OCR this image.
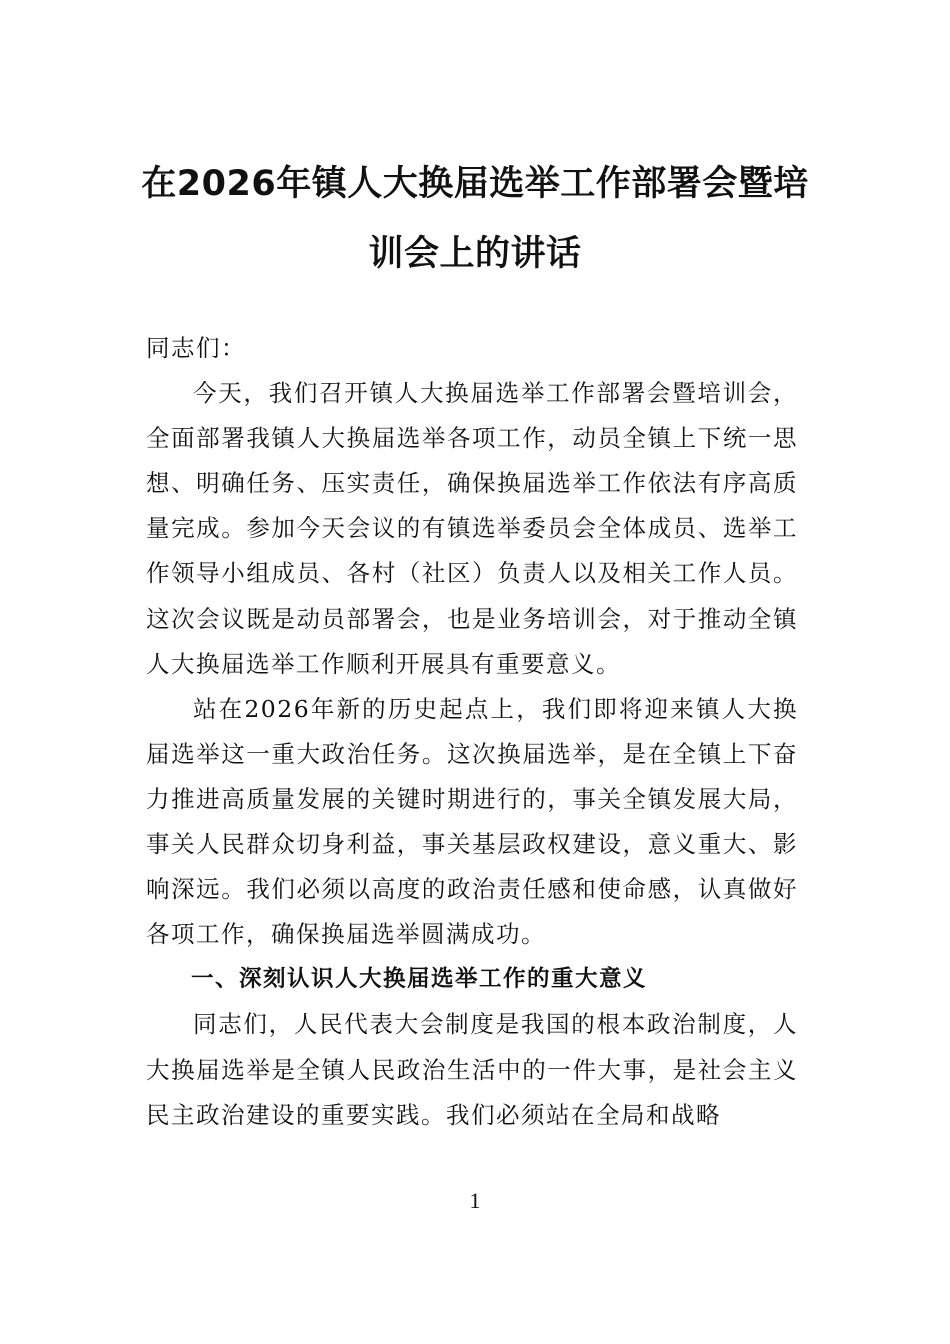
在2026年镇人大换届选举工作部署会暨培训会上的讲话

同志们：

今天，我们召开镇人大换届选举工作部署会暨培训会，全面部署我镇人大换届选举各项工作，动员全镇上下统一思想、明确任务、压实责任，确保换届选举工作依法有序高质量完成。参加今天会议的有镇选举委员会全体成员、选举工作领导小组成员、各村（社区）负责人以及相关工作人员。这次会议既是动员部署会，也是业务培训会，对于推动全镇人大换届选举工作顺利开展具有重要意义。

站在2026年新的历史起点上，我们即将迎来镇人大换届选举这一重大政治任务。这次换届选举，是在全镇上下奋力推进高质量发展的关键时期进行的，事关全镇发展大局，事关人民群众切身利益，事关基层政权建设，意义重大、影响深远。我们必须以高度的政治责任感和使命感，认真做好各项工作，确保换届选举圆满成功。

一、深刻认识人大换届选举工作的重大意义

同志们，人民代表大会制度是我国的根本政治制度，人大换届选举是全镇人民政治生活中的一件大事，是社会主义民主政治建设的重要实践。我们必须站在全局和战略

1
